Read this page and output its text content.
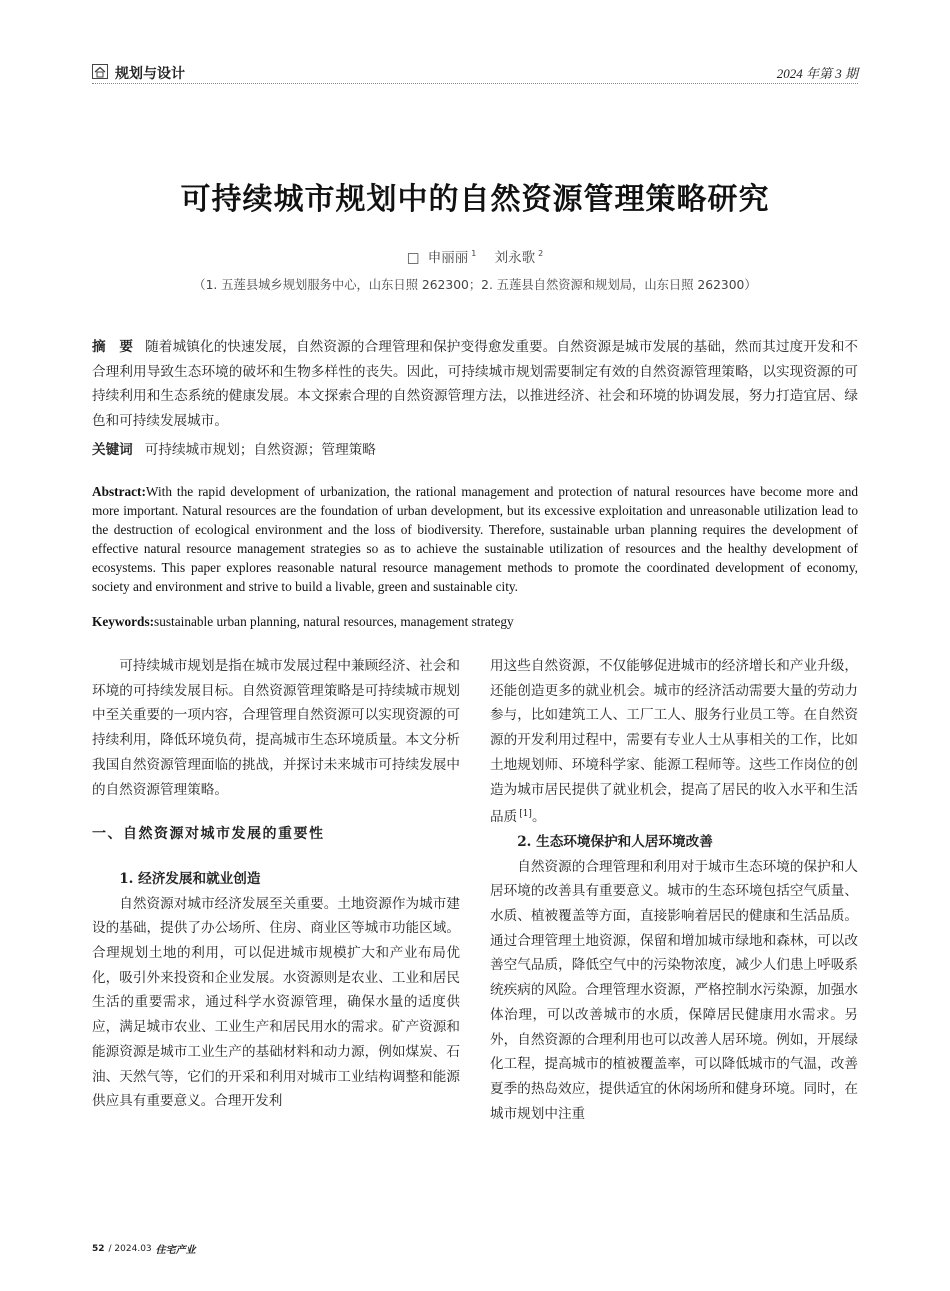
规划与设计	2024 年第 3 期
可持续城市规划中的自然资源管理策略研究
□ 申丽丽 $^1$ 刘永歌 $^2$
（1. 五莲县城乡规划服务中心，山东日照 262300；2. 五莲县自然资源和规划局，山东日照 262300）
摘　要 随着城镇化的快速发展，自然资源的合理管理和保护变得愈发重要。自然资源是城市发展的基础，然而其过度开发和不合理利用导致生态环境的破坏和生物多样性的丧失。因此，可持续城市规划需要制定有效的自然资源管理策略，以实现资源的可持续利用和生态系统的健康发展。本文探索合理的自然资源管理方法，以推进经济、社会和环境的协调发展，努力打造宜居、绿色和可持续发展城市。
关键词 可持续城市规划；自然资源；管理策略
Abstract:With the rapid development of urbanization, the rational management and protection of natural resources have become more and more important. Natural resources are the foundation of urban development, but its excessive exploitation and unreasonable utilization lead to the destruction of ecological environment and the loss of biodiversity. Therefore, sustainable urban planning requires the development of effective natural resource management strategies so as to achieve the sustainable utilization of resources and the healthy development of ecosystems. This paper explores reasonable natural resource management methods to promote the coordinated development of economy, society and environment and strive to build a livable, green and sustainable city.
Keywords:sustainable urban planning, natural resources, management strategy

可持续城市规划是指在城市发展过程中兼顾经济、社会和环境的可持续发展目标。自然资源管理策略是可持续城市规划中至关重要的一项内容，合理管理自然资源可以实现资源的可持续利用，降低环境负荷，提高城市生态环境质量。本文分析我国自然资源管理面临的挑战，并探讨未来城市可持续发展中的自然资源管理策略。

一、自然资源对城市发展的重要性
1. 经济发展和就业创造

自然资源对城市经济发展至关重要。土地资源作为城市建设的基础，提供了办公场所、住房、商业区等城市功能区域。合理规划土地的利用，可以促进城市规模扩大和产业布局优化，吸引外来投资和企业发展。水资源则是农业、工业和居民生活的重要需求，通过科学水资源管理，确保水量的适度供应，满足城市农业、工业生产和居民用水的需求。矿产资源和能源资源是城市工业生产的基础材料和动力源，例如煤炭、石油、天然气等，它们的开采和利用对城市工业结构调整和能源供应具有重要意义。合理开发利

用这些自然资源，不仅能够促进城市的经济增长和产业升级，还能创造更多的就业机会。城市的经济活动需要大量的劳动力参与，比如建筑工人、工厂工人、服务行业员工等。在自然资源的开发利用过程中，需要有专业人士从事相关的工作，比如土地规划师、环境科学家、能源工程师等。这些工作岗位的创造为城市居民提供了就业机会，提高了居民的收入水平和生活品质 [1]。

2. 生态环境保护和人居环境改善

自然资源的合理管理和利用对于城市生态环境的保护和人居环境的改善具有重要意义。城市的生态环境包括空气质量、水质、植被覆盖等方面，直接影响着居民的健康和生活品质。通过合理管理土地资源，保留和增加城市绿地和森林，可以改善空气品质，降低空气中的污染物浓度，减少人们患上呼吸系统疾病的风险。合理管理水资源，严格控制水污染源，加强水体治理，可以改善城市的水质，保障居民健康用水需求。另外，自然资源的合理利用也可以改善人居环境。例如，开展绿化工程，提高城市的植被覆盖率，可以降低城市的气温，改善夏季的热岛效应，提供适宜的休闲场所和健身环境。同时，在城市规划中注重

52 / 2024.03 住宅产业
